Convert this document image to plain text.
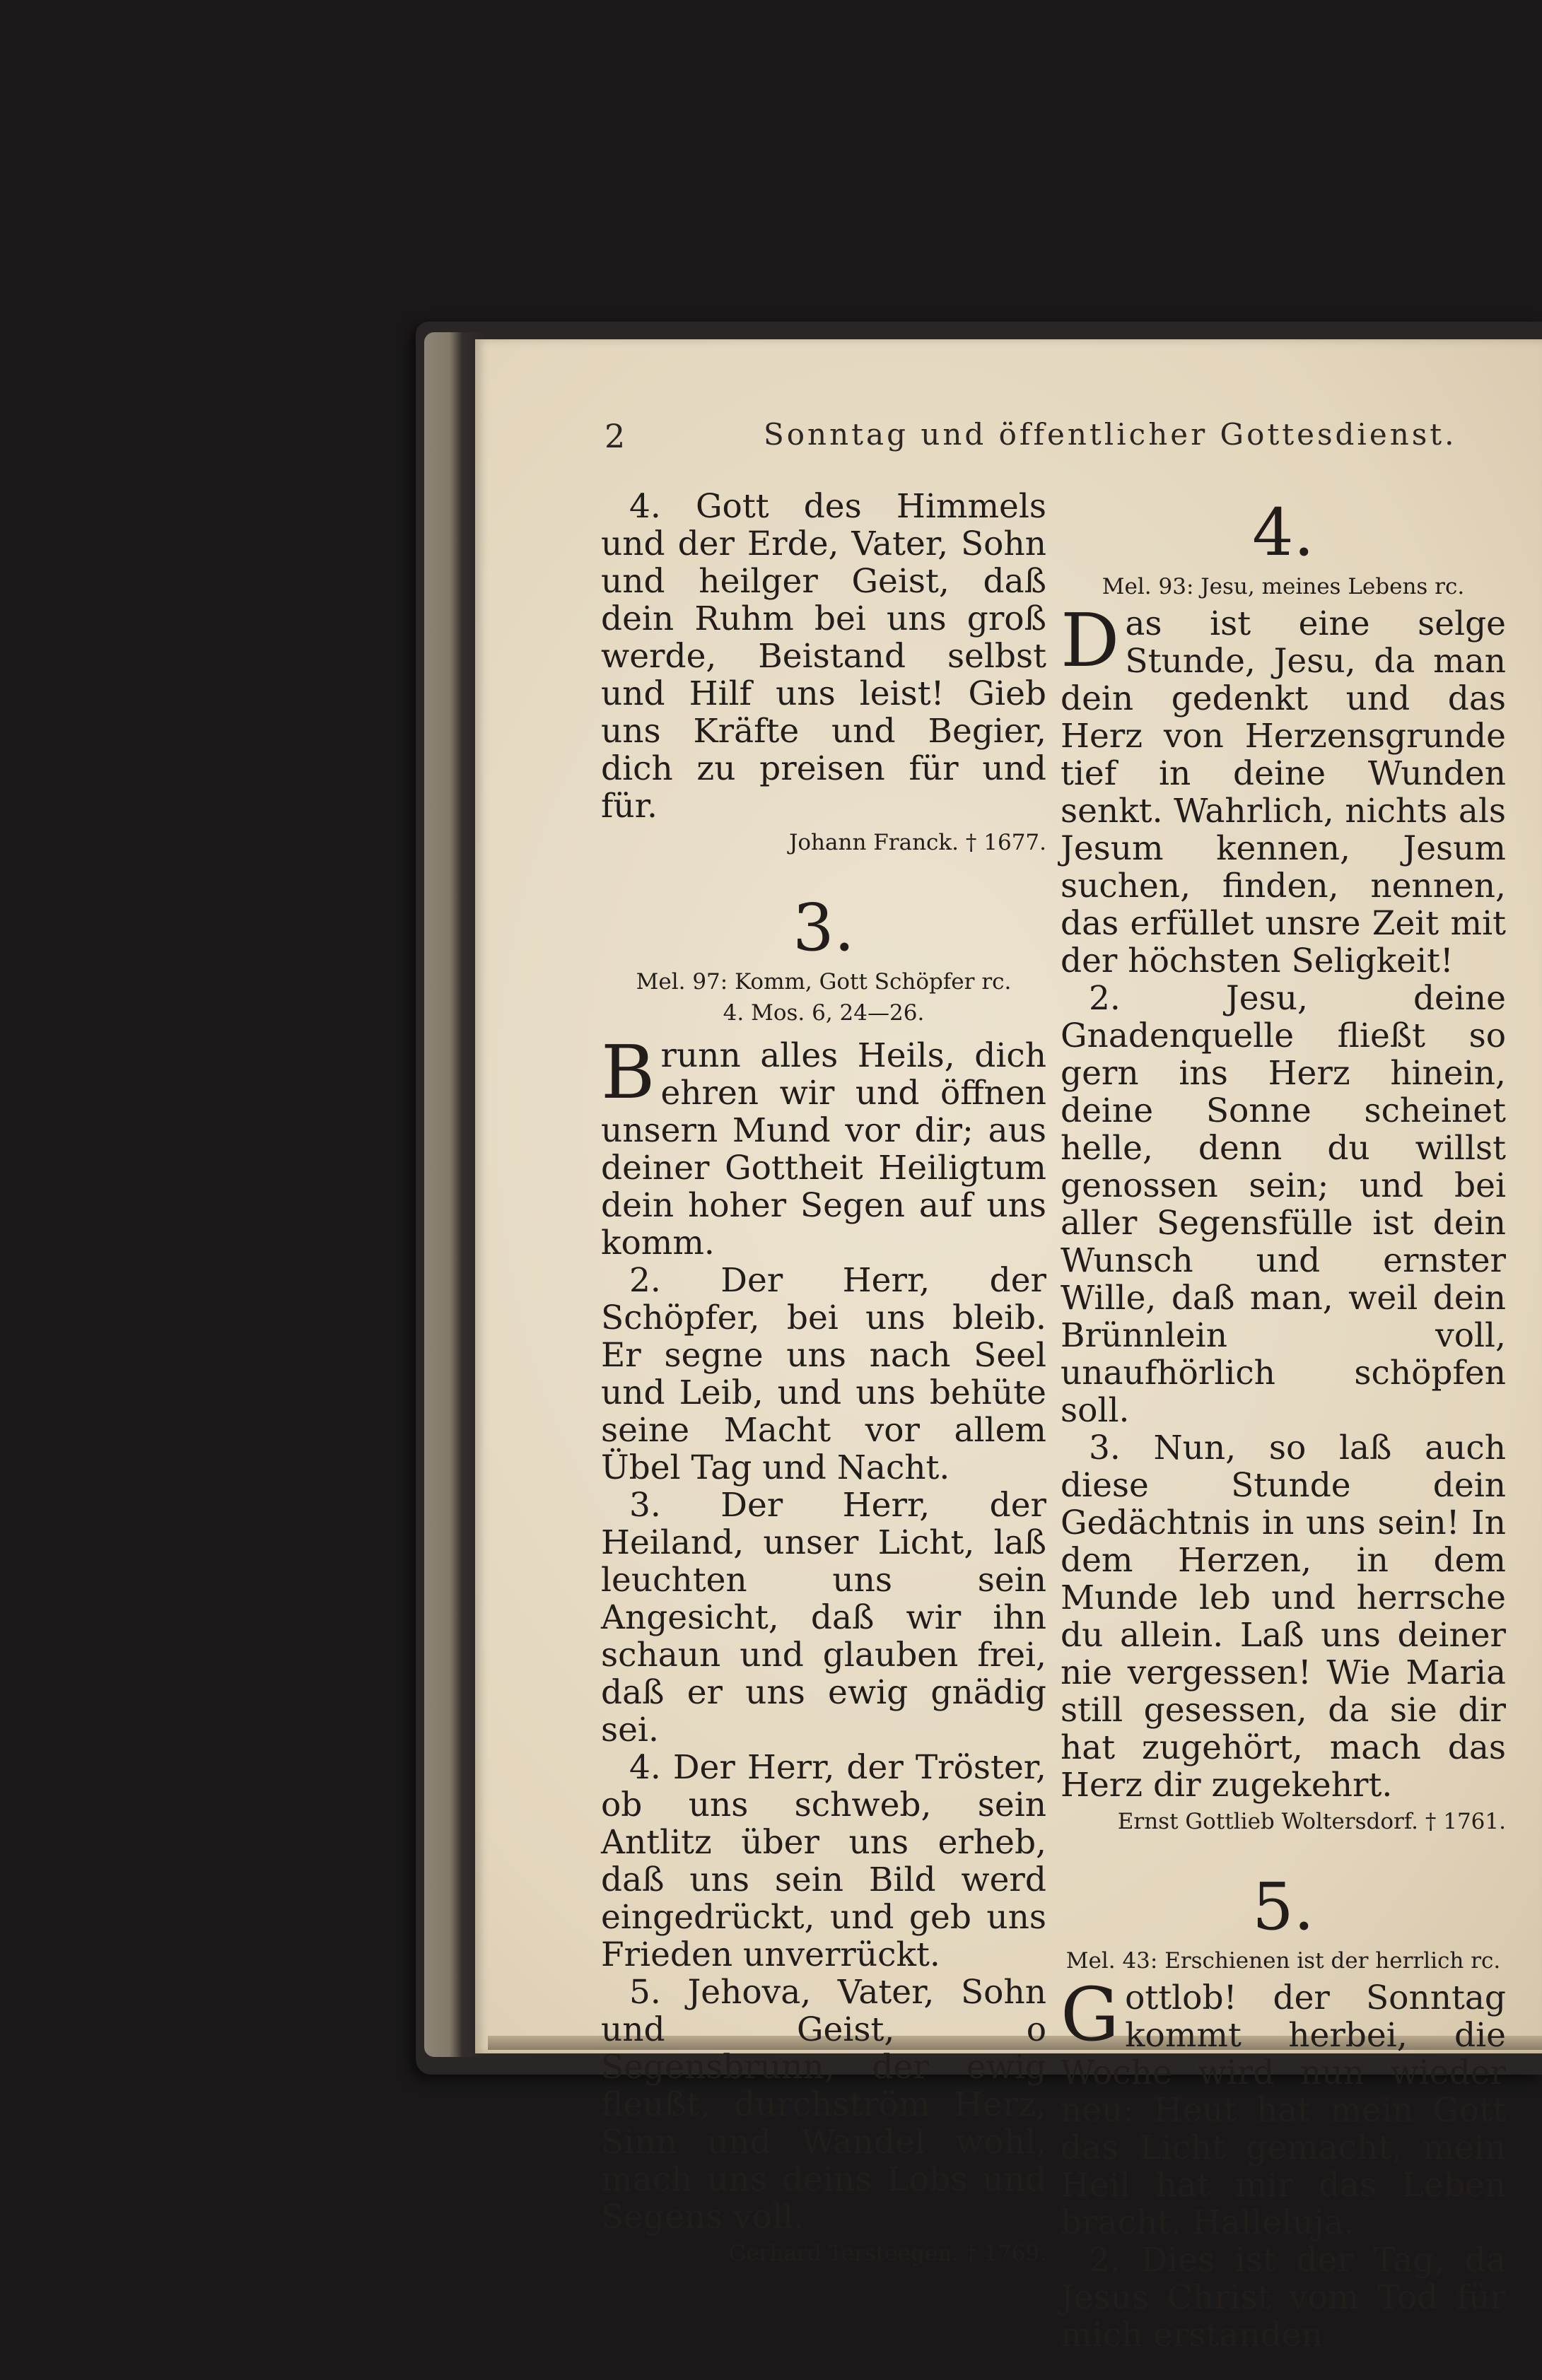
2	Sonntag und öffentlicher Gottesdienst.

4. Gott des Himmels und der Erde, Vater, Sohn und heilger Geist, daß dein Ruhm bei uns groß werde, Beistand selbst und Hilf uns leist! Gieb uns Kräfte und Begier, dich zu preisen für und für.

Johann Franck. † 1677.
3.
Mel. 97: Komm, Gott Schöpfer rc.
4. Mos. 6, 24—26.

Brunn alles Heils, dich ehren wir und öffnen unsern Mund vor dir; aus deiner Gottheit Heiligtum dein hoher Segen auf uns komm.

2. Der Herr, der Schöpfer, bei uns bleib. Er segne uns nach Seel und Leib, und uns behüte seine Macht vor allem Übel Tag und Nacht.

3. Der Herr, der Heiland, unser Licht, laß leuchten uns sein Angesicht, daß wir ihn schaun und glauben frei, daß er uns ewig gnädig sei.

4. Der Herr, der Tröster, ob uns schweb, sein Antlitz über uns erheb, daß uns sein Bild werd eingedrückt, und geb uns Frieden unverrückt.

5. Jehova, Vater, Sohn und Geist, o Segensbrunn, der ewig fleußt, durchström Herz, Sinn und Wandel wohl, mach uns deins Lobs und Segens voll.

Gerhard Tersteegen. † 1769.
4.
Mel. 93: Jesu, meines Lebens rc.

Das ist eine selge Stunde, Jesu, da man dein gedenkt und das Herz von Herzensgrunde tief in deine Wunden senkt. Wahrlich, nichts als Jesum kennen, Jesum suchen, finden, nennen, das erfüllet unsre Zeit mit der höchsten Seligkeit!

2. Jesu, deine Gnadenquelle fließt so gern ins Herz hinein, deine Sonne scheinet helle, denn du willst genossen sein; und bei aller Segensfülle ist dein Wunsch und ernster Wille, daß man, weil dein Brünnlein voll, unaufhörlich schöpfen soll.

3. Nun, so laß auch diese Stunde dein Gedächtnis in uns sein! In dem Herzen, in dem Munde leb und herrsche du allein. Laß uns deiner nie vergessen! Wie Maria still gesessen, da sie dir hat zugehört, mach das Herz dir zugekehrt.

Ernst Gottlieb Woltersdorf. † 1761.
5.
Mel. 43: Erschienen ist der herrlich rc.

Gottlob! der Sonntag kommt herbei, die Woche wird nun wieder neu: Heut hat mein Gott das Licht gemacht, mein Heil hat mir das Leben bracht. Halleluja.

2. Dies ist der Tag, da Jesus Christ vom Tod für mich erstanden
